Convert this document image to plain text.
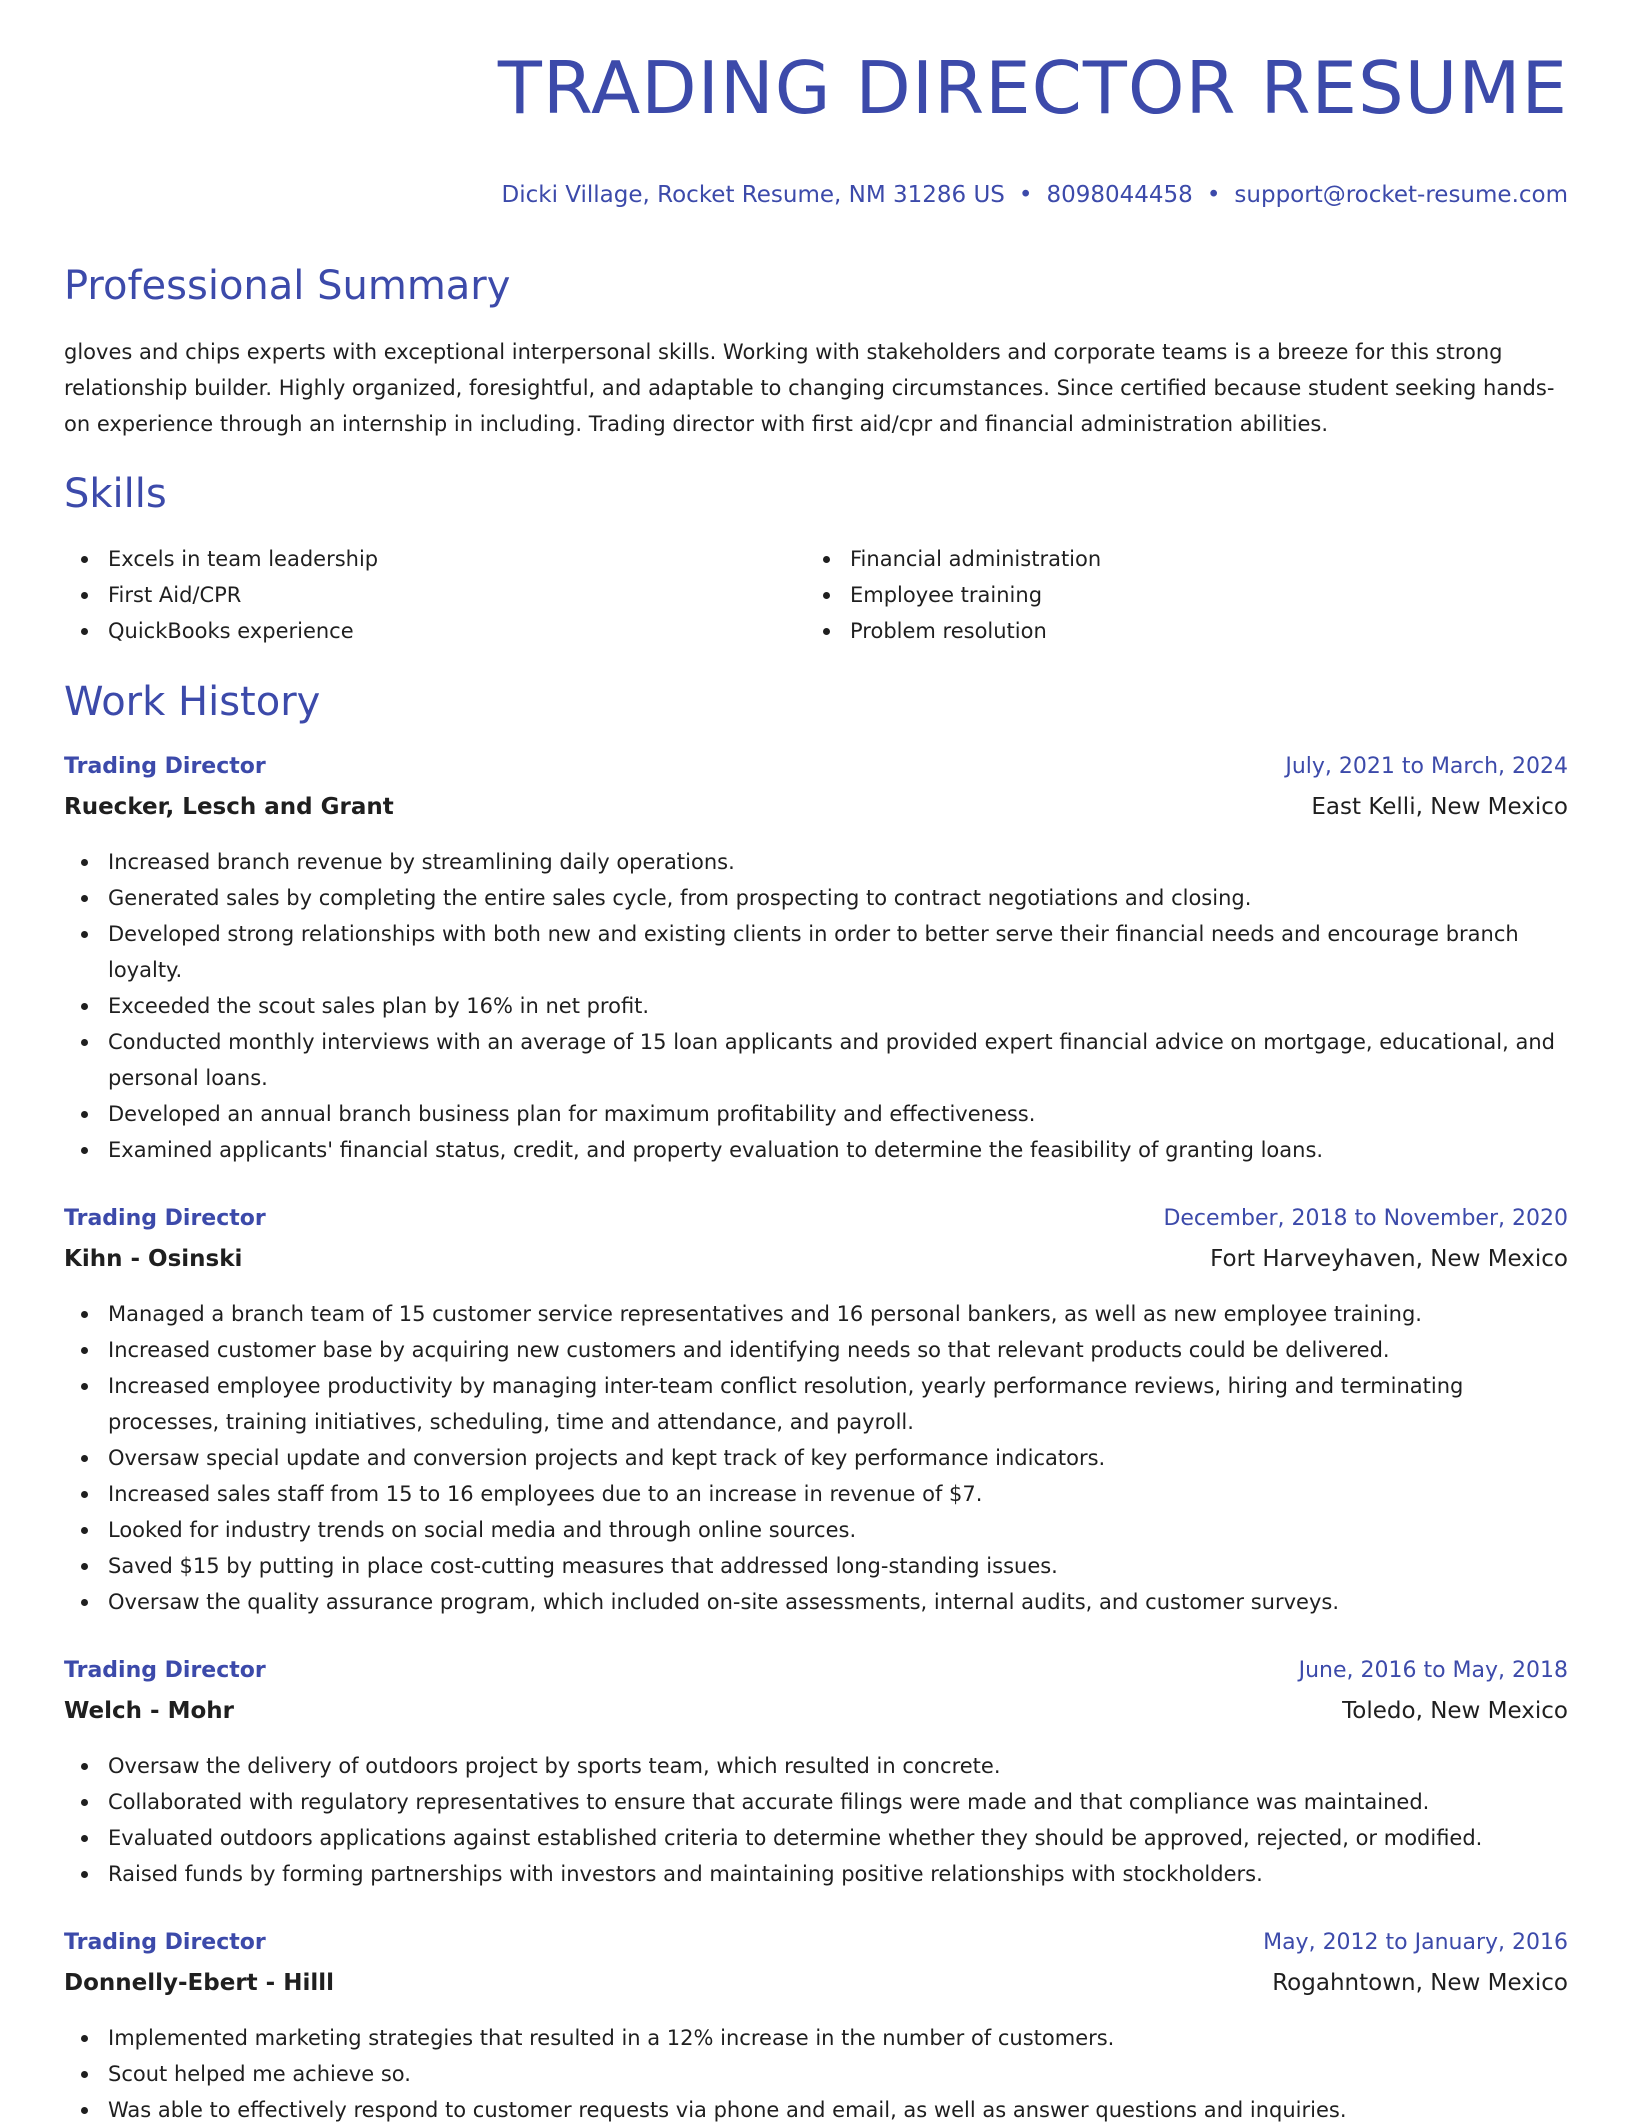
TRADING DIRECTOR RESUME
Dicki Village, Rocket Resume, NM 31286 US • 8098044458 • support@rocket-resume.com
Professional Summary

gloves and chips experts with exceptional interpersonal skills. Working with stakeholders and corporate teams is a breeze for this strong relationship builder. Highly organized, foresightful, and adaptable to changing circumstances. Since certified because student seeking hands-on experience through an internship in including. Trading director with first aid/cpr and financial administration abilities.

Skills
Excels in team leadership
First Aid/CPR
QuickBooks experience
Financial administration
Employee training
Problem resolution
Work History
Trading Director	July, 2021 to March, 2024
Ruecker, Lesch and Grant	East Kelli, New Mexico
Increased branch revenue by streamlining daily operations.
Generated sales by completing the entire sales cycle, from prospecting to contract negotiations and closing.
Developed strong relationships with both new and existing clients in order to better serve their financial needs and encourage branch loyalty.
Exceeded the scout sales plan by 16% in net profit.
Conducted monthly interviews with an average of 15 loan applicants and provided expert financial advice on mortgage, educational, and personal loans.
Developed an annual branch business plan for maximum profitability and effectiveness.
Examined applicants' financial status, credit, and property evaluation to determine the feasibility of granting loans.
Trading Director	December, 2018 to November, 2020
Kihn - Osinski	Fort Harveyhaven, New Mexico
Managed a branch team of 15 customer service representatives and 16 personal bankers, as well as new employee training.
Increased customer base by acquiring new customers and identifying needs so that relevant products could be delivered.
Increased employee productivity by managing inter-team conflict resolution, yearly performance reviews, hiring and terminating processes, training initiatives, scheduling, time and attendance, and payroll.
Oversaw special update and conversion projects and kept track of key performance indicators.
Increased sales staff from 15 to 16 employees due to an increase in revenue of $7.
Looked for industry trends on social media and through online sources.
Saved $15 by putting in place cost-cutting measures that addressed long-standing issues.
Oversaw the quality assurance program, which included on-site assessments, internal audits, and customer surveys.
Trading Director	June, 2016 to May, 2018
Welch - Mohr	Toledo, New Mexico
Oversaw the delivery of outdoors project by sports team, which resulted in concrete.
Collaborated with regulatory representatives to ensure that accurate filings were made and that compliance was maintained.
Evaluated outdoors applications against established criteria to determine whether they should be approved, rejected, or modified.
Raised funds by forming partnerships with investors and maintaining positive relationships with stockholders.
Trading Director	May, 2012 to January, 2016
Donnelly-Ebert - Hilll	Rogahntown, New Mexico
Implemented marketing strategies that resulted in a 12% increase in the number of customers.
Scout helped me achieve so.
Was able to effectively respond to customer requests via phone and email, as well as answer questions and inquiries.
